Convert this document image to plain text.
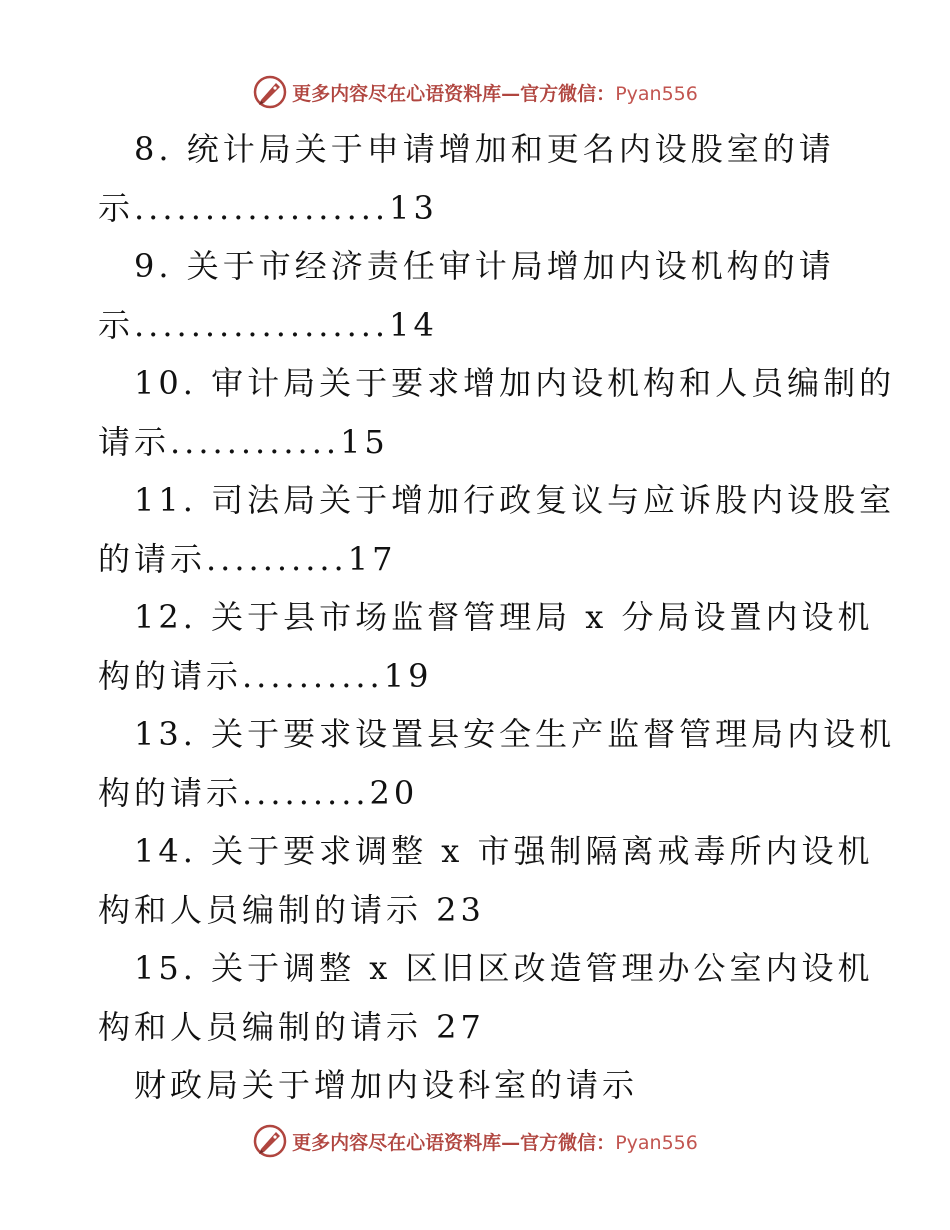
更多内容尽在心语资料库—官方微信：Pyan556
8. 统计局关于申请增加和更名内设股室的请
示..................13
9. 关于市经济责任审计局增加内设机构的请
示..................14
10. 审计局关于要求增加内设机构和人员编制的
请示............15
11. 司法局关于增加行政复议与应诉股内设股室
的请示..........17
12. 关于县市场监督管理局 x 分局设置内设机
构的请示..........19
13. 关于要求设置县安全生产监督管理局内设机
构的请示.........20
14. 关于要求调整 x 市强制隔离戒毒所内设机
构和人员编制的请示 23
15. 关于调整 x 区旧区改造管理办公室内设机
构和人员编制的请示 27
财政局关于增加内设科室的请示
更多内容尽在心语资料库—官方微信：Pyan556
